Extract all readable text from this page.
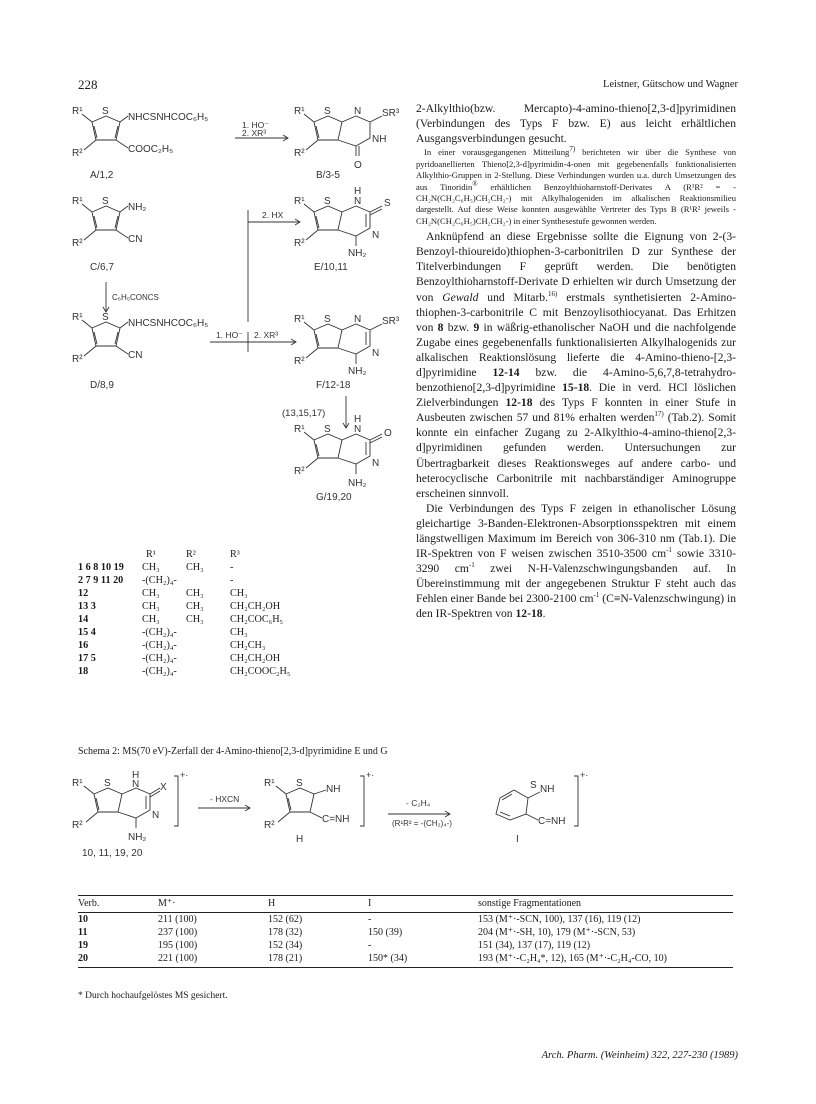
228	Leistner, Gütschow und Wagner
R¹
R²
S
NHCSNHCOC₆H₅
COOC₂H₅
A/1,2
1. HO⁻
2. XR³
R¹
R²
S N
NH
SR³
O
B/3-5
R¹
R²
S
NH₂
CN
C/6,7
C₆H₅CONCS
2. HX
R¹
R²
S
H
N S
N
NH₂
E/10,11
R¹
R²
S
NHCSNHCOC₆H₅
CN
D/8,9
1. HO⁻ 2. XR³
R¹
R²
S N SR³
N
NH₂
F/12-18
(13,15,17)
R¹
R²
S
H
N O
N
NH₂
G/19,20
	R¹	R²	R³
1 6 8 10 19	CH₃	CH₃	-
2 7 9 11 20	-(CH₂)₄-		-
12	CH₃	CH₃	CH₃
13 3	CH₃	CH₃	CH₂CH₂OH
14	CH₃	CH₃	CH₂COC₆H₅
15 4	-(CH₂)₄-		CH₃
16	-(CH₂)₄-		CH₂CH₃
17 5	-(CH₂)₄-		CH₂CH₂OH
18	-(CH₂)₄-		CH₂COOC₂H₅

2-Alkylthio(bzw. Mercapto)-4-amino-thieno[2,3-d]pyrimidinen (Verbindungen des Typs F bzw. E) aus leicht erhältlichen Ausgangsverbindungen gesucht.

In einer vorausgegangenen Mitteilung$^{7)}$ berichteten wir über die Synthese von pyridoanellierten Thieno[2,3-d]pyrimidin-4-onen mit gegebenenfalls funktionalisierten Alkylthio-Gruppen in 2-Stellung. Diese Verbindungen wurden u.a. durch Umsetzungen des aus Tinoridin® erhältlichen Benzoylthioharnstoff-Derivates A (R¹R² = -CH₂N(CH₂C₆H₅)CH₂CH₂-) mit Alkylhalogeniden im alkalischen Reaktionsmilieu dargestellt. Auf diese Weise konnten ausgewählte Vertreter des Typs B (R¹R² jeweils -CH₂N(CH₂C₆H₅)CH₂CH₂-) in einer Synthesestufe gewonnen werden.

Anknüpfend an diese Ergebnisse sollte die Eignung von 2-(3-Benzoyl-thioureido)thiophen-3-carbonitrilen D zur Synthese der Titelverbindungen F geprüft werden. Die benötigten Benzoylthioharnstoff-Derivate D erhielten wir durch Umsetzung der von Gewald und Mitarb.$^{16)}$ erstmals synthetisierten 2-Amino-thiophen-3-carbonitrile C mit Benzoylisothiocyanat. Das Erhitzen von 8 bzw. 9 in wäßrig-ethanolischer NaOH und die nachfolgende Zugabe eines gegebenenfalls funktionalisierten Alkylhalogenids zur alkalischen Reaktionslösung lieferte die 4-Amino-thieno-[2,3-d]pyrimidine 12-14 bzw. die 4-Amino-5,6,7,8-tetrahydro-benzothieno[2,3-d]pyrimidine 15-18. Die in verd. HCl löslichen Zielverbindungen 12-18 des Typs F konnten in einer Stufe in Ausbeuten zwischen 57 und 81% erhalten werden$^{17)}$ (Tab.2). Somit konnte ein einfacher Zugang zu 2-Alkylthio-4-amino-thieno[2,3-d]pyrimidinen gefunden werden. Untersuchungen zur Übertragbarkeit dieses Reaktionsweges auf andere carbo- und heterocyclische Carbonitrile mit nachbarständiger Aminogruppe erscheinen sinnvoll.

Die Verbindungen des Typs F zeigen in ethanolischer Lösung gleichartige 3-Banden-Elektronen-Absorptionsspektren mit einem längstwelligen Maximum im Bereich von 306-310 nm (Tab.1). Die IR-Spektren von F weisen zwischen 3510-3500 $cm^{-1}$ sowie 3310-3290 $cm^{-1}$ zwei N-H-Valenzschwingungsbanden auf. In Übereinstimmung mit der angegebenen Struktur F steht auch das Fehlen einer Bande bei 2300-2100 $cm^{-1}$ (C≡N-Valenzschwingung) in den IR-Spektren von 12-18.

Schema 2: MS(70 eV)-Zerfall der 4-Amino-thieno[2,3-d]pyrimidine E und G
R¹
R²
S
H
N X
N
NH₂
+·
10, 11, 19, 20
- HXCN
R¹
R²
S
NH
C=NH
H
+·
- C₂H₄
(R¹R² = -(CH₂)₄-)
S NH
C=NH
+·
I
Verb.	M⁺·	H	I	sonstige Fragmentationen
10	211 (100)	152 (62)	-	153 (M⁺·-SCN, 100), 137 (16), 119 (12)
11	237 (100)	178 (32)	150 (39)	204 (M⁺·-SH, 10), 179 (M⁺·-SCN, 53)
19	195 (100)	152 (34)	-	151 (34), 137 (17), 119 (12)
20	221 (100)	178 (21)	150* (34)	193 (M⁺·-C₂H₄*, 12), 165 (M⁺·-C₂H₄-CO, 10)
* Durch hochaufgelöstes MS gesichert.
Arch. Pharm. (Weinheim) 322, 227-230 (1989)
